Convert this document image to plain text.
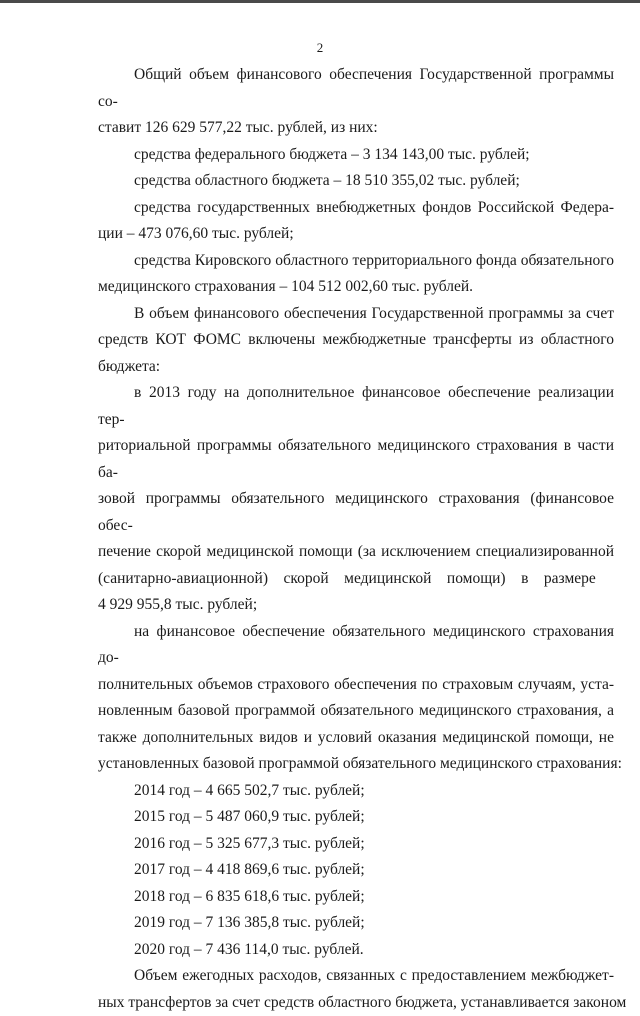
2

Общий объем финансового обеспечения Государственной программы со-
ставит 126 629 577,22 тыс. рублей, из них:

средства федерального бюджета – 3 134 143,00 тыс. рублей;

средства областного бюджета – 18 510 355,02 тыс. рублей;

средства государственных внебюджетных фондов Российской Федера-
ции – 473 076,60 тыс. рублей;

средства Кировского областного территориального фонда обязательного
медицинского страхования – 104 512 002,60 тыс. рублей.

В объем финансового обеспечения Государственной программы за счет
средств КОТ ФОМС включены межбюджетные трансферты из областного
бюджета:

в 2013 году на дополнительное финансовое обеспечение реализации тер-
риториальной программы обязательного медицинского страхования в части ба-
зовой программы обязательного медицинского страхования (финансовое обес-
печение скорой медицинской помощи (за исключением специализированной
(санитарно-авиационной)    скорой    медицинской    помощи)    в    размере
4 929 955,8 тыс. рублей;

на финансовое обеспечение обязательного медицинского страхования до-
полнительных объемов страхового обеспечения по страховым случаям, уста-
новленным базовой программой обязательного медицинского страхования, а
также дополнительных видов и условий оказания медицинской помощи, не
установленных базовой программой обязательного медицинского страхования:

2014 год – 4 665 502,7 тыс. рублей;
2015 год – 5 487 060,9 тыс. рублей;
2016 год – 5 325 677,3 тыс. рублей;
2017 год – 4 418 869,6 тыс. рублей;
2018 год – 6 835 618,6 тыс. рублей;
2019 год – 7 136 385,8 тыс. рублей;
2020 год – 7 436 114,0 тыс. рублей.

Объем ежегодных расходов, связанных с предоставлением межбюджет-
ных трансфертов за счет средств областного бюджета, устанавливается законом
